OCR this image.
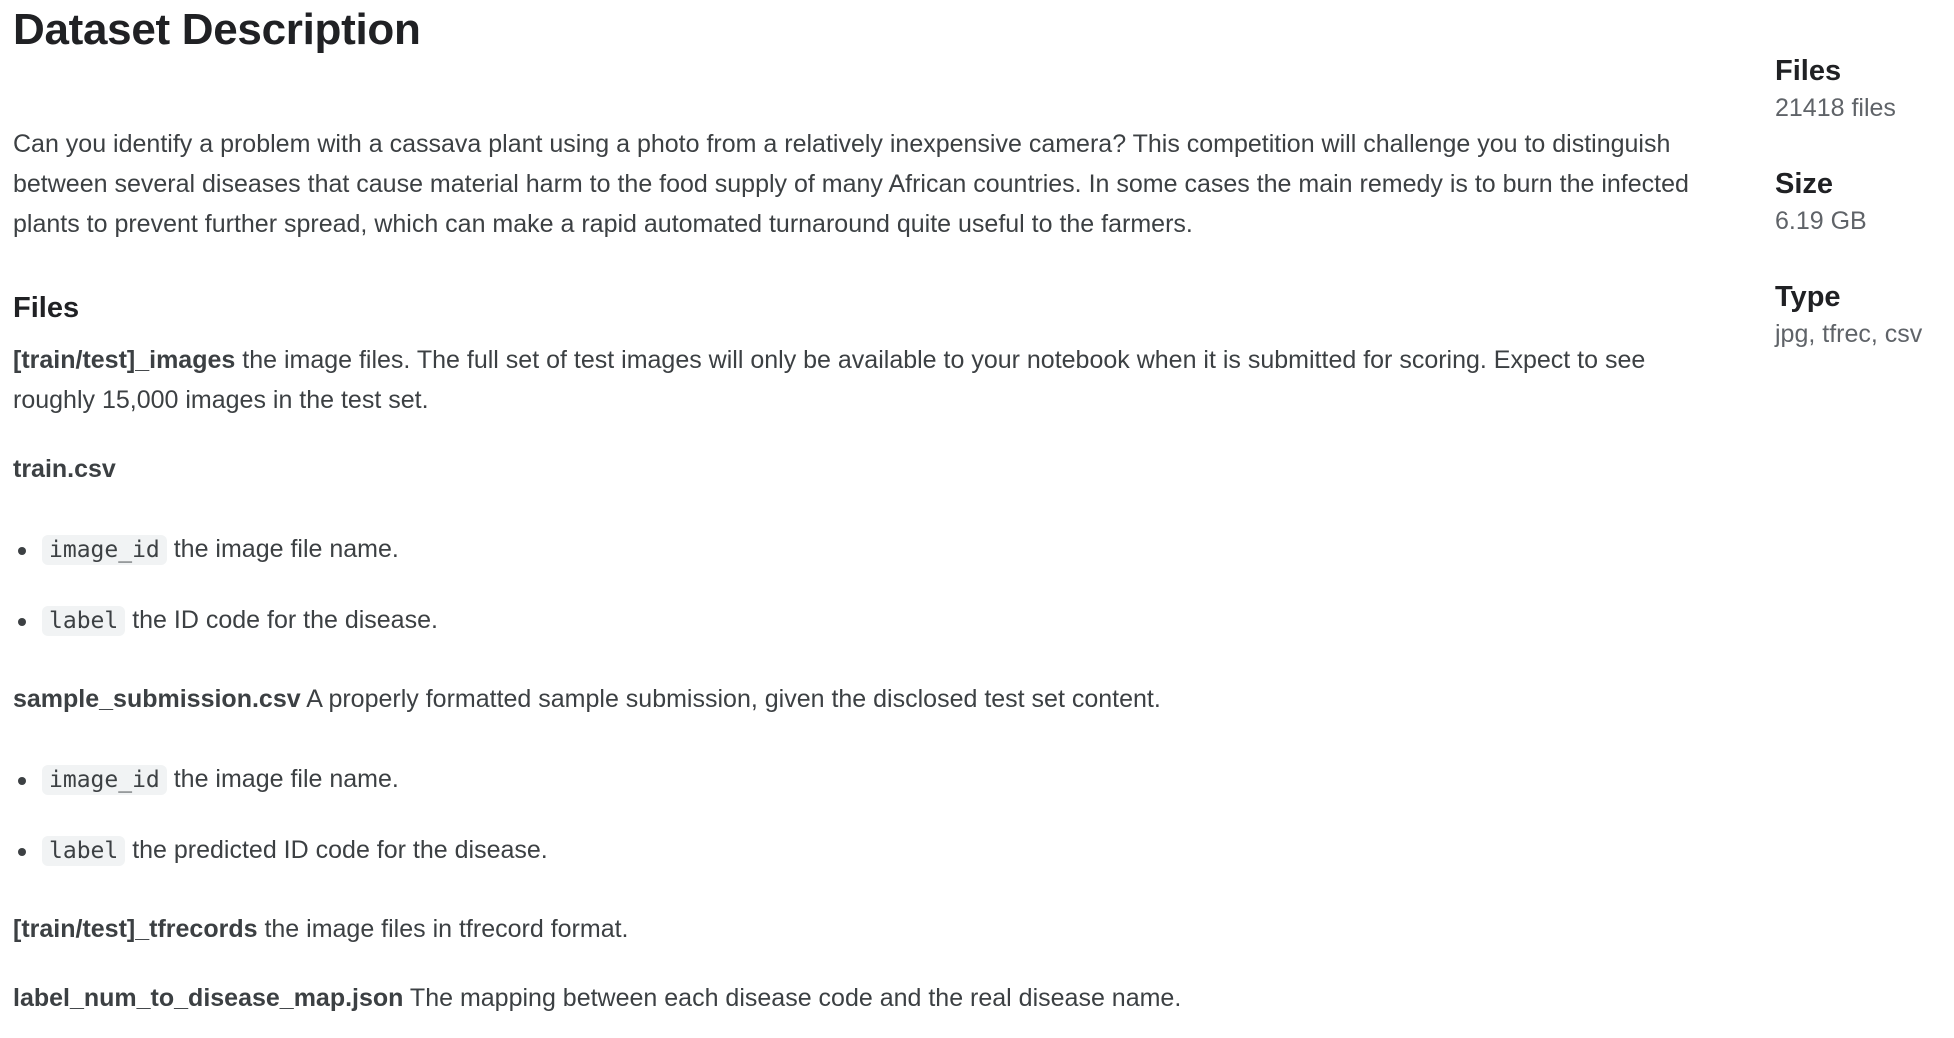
Dataset Description

Can you identify a problem with a cassava plant using a photo from a relatively inexpensive camera? This competition will challenge you to distinguish between several diseases that cause material harm to the food supply of many African countries. In some cases the main remedy is to burn the infected plants to prevent further spread, which can make a rapid automated turnaround quite useful to the farmers.

Files

[train/test]_images the image files. The full set of test images will only be available to your notebook when it is submitted for scoring. Expect to see roughly 15,000 images in the test set.

train.csv

image_id the image file name.
label the ID code for the disease.

sample_submission.csv A properly formatted sample submission, given the disclosed test set content.

image_id the image file name.
label the predicted ID code for the disease.

[train/test]_tfrecords the image files in tfrecord format.

label_num_to_disease_map.json The mapping between each disease code and the real disease name.

Files
21418 files
Size
6.19 GB
Type
jpg, tfrec, csv
